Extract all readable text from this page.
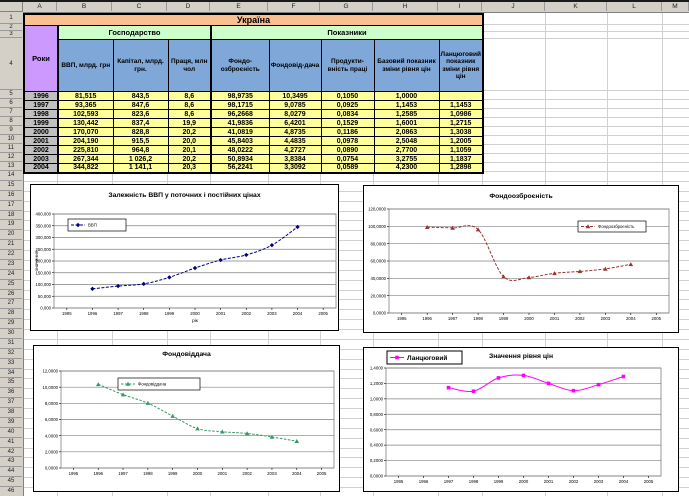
A	B	C	D	E	F	G	H	I	J	K	L	M
1
2
3
4
5
6
7
8
9
10
11
12
13
14
15
16
17
18
19
20
21
22
23
24
25
26
27
28
29
30
31
32
33
34
35
36
37
38
39
40
41
42
43
44
45
46
Україна								
Роки	Господарство			Показники				
	ВВП, млрд. грн	Капітал, млрд. грн.	Праця, млн чол	Фондо-озброєність	Фондовід-дача	Продукти-вність праці	Базовий показник зміни рівня цін	Ланцюговий показник зміни рівня цін
1996	81,515	843,5	8,6	98,9735	10,3495	0,1050	1,0000	
1997	93,365	847,6	8,6	98,1715	9,0785	0,0925	1,1453	1,1453
1998	102,593	823,6	8,6	96,2668	8,0279	0,0834	1,2585	1,0986
1999	130,442	837,4	19,9	41,9836	6,4201	0,1529	1,6001	1,2715
2000	170,070	828,8	20,2	41,0819	4,8735	0,1186	2,0863	1,3038
2001	204,190	915,5	20,0	45,8403	4,4835	0,0978	2,5048	1,2005
2002	225,810	964,8	20,1	48,0222	4,2727	0,0890	2,7700	1,1059
2003	267,344	1 026,2	20,2	50,8934	3,8384	0,0754	3,2755	1,1837
2004	344,822	1 141,1	20,3	56,2241	3,3092	0,0589	4,2300	1,2898
0,000
50,000
100,000
150,000
200,000
250,000
300,000
350,000
400,000
1995	1996	1997	1998	1999	2000	2001	2002	2003	2004	2005
рік
значення
ВВП
Залежність ВВП у поточних і постійних цінах
0,0000
20,0000
40,0000
60,0000
80,0000
100,0000
120,0000
1995	1996	1997	1998	1999	2000	2001	2002	2003	2004	2005
Фондоозброєність
Фондоозброєність
0,0000
2,0000
4,0000
6,0000
8,0000
10,0000
12,0000
1995	1996	1997	1998	1999	2000	2001	2002	2003	2004	2005
Фондовіддача
Фондовіддача
0,0000
0,2000
0,4000
0,6000
0,8000
1,0000
1,2000
1,4000
1995	1996	1997	1998	1999	2000	2001	2002	2003	2004	2005
Ланцюговий	Значення рівня цін
